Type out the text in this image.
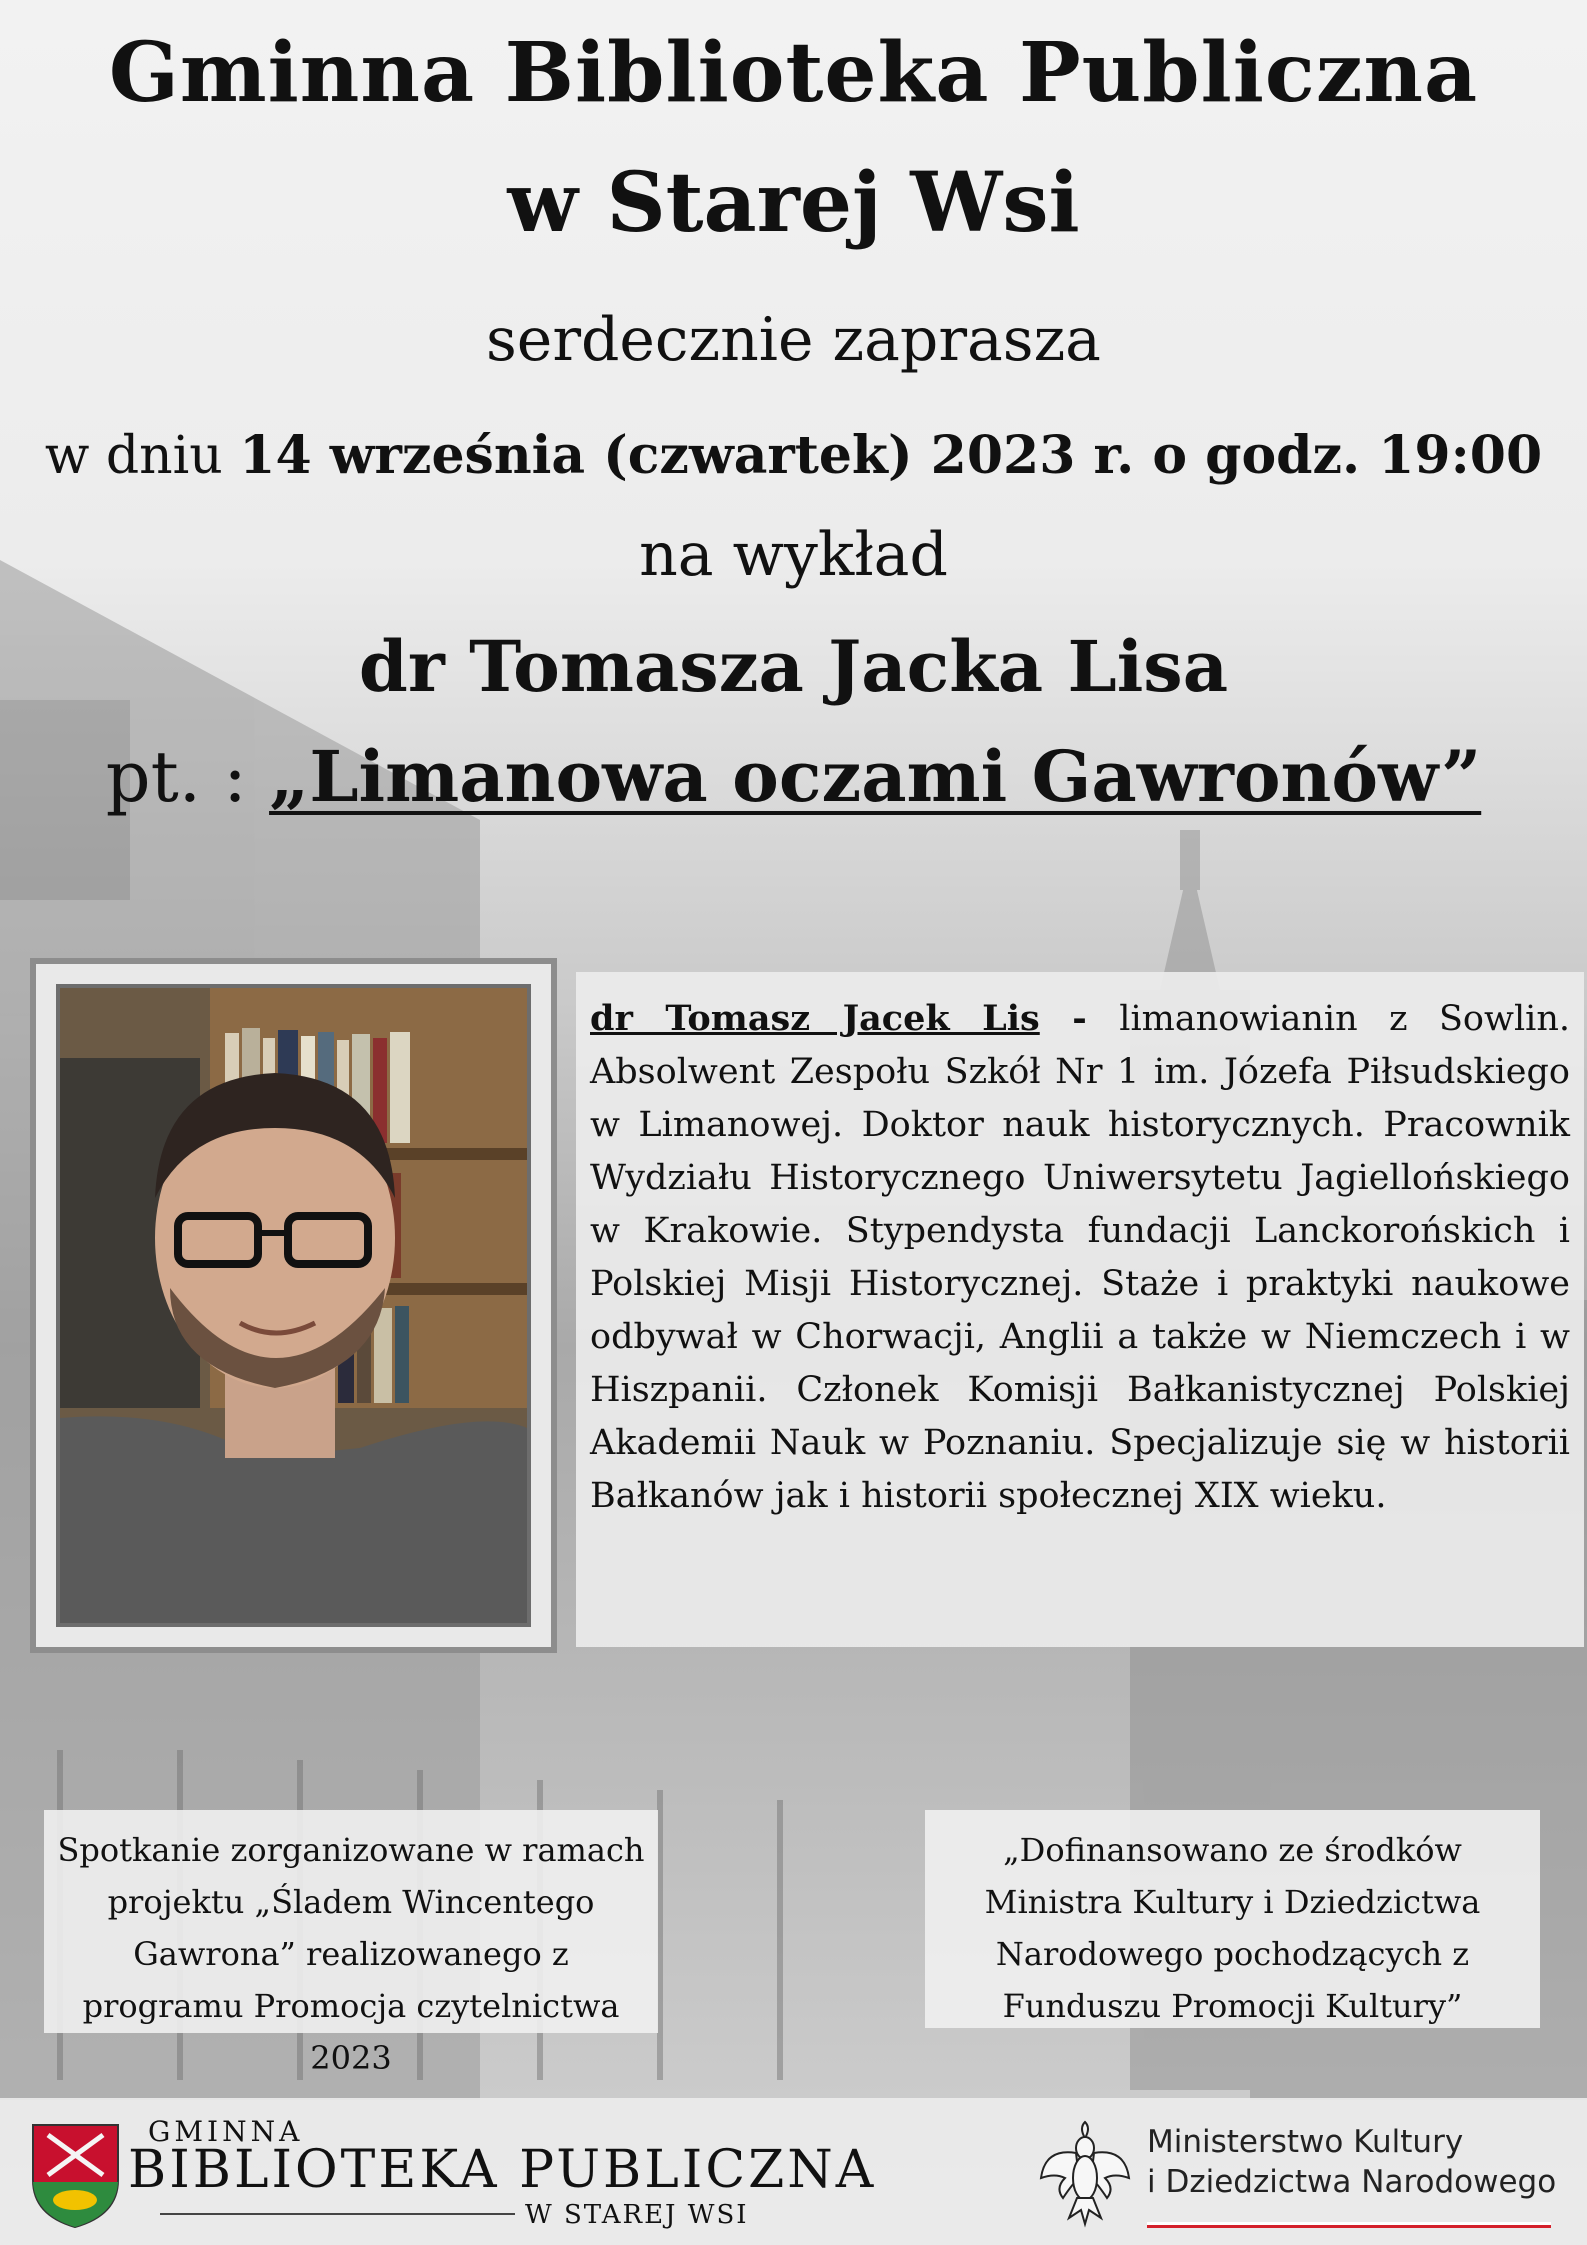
Gminna Biblioteka Publiczna
w Starej Wsi
serdecznie zaprasza
w dniu 14 września (czwartek) 2023 r. o godz. 19:00
na wykład
dr Tomasza Jacka Lisa
pt. : „Limanowa oczami Gawronów”

dr Tomasz Jacek Lis - limanowianin z Sowlin. Absolwent Zespołu Szkół Nr 1 im. Józefa Piłsudskiego w Limanowej. Doktor nauk historycznych. Pracownik Wydziału Historycznego Uniwersytetu Jagiellońskiego w Krakowie. Stypendysta fundacji Lanckorońskich i Polskiej Misji Historycznej. Staże i praktyki naukowe odbywał w Chorwacji, Anglii a także w Niemczech i w Hiszpanii. Członek Komisji Bałkanistycznej Polskiej Akademii Nauk w Poznaniu. Specjalizuje się w historii Bałkanów jak i historii społecznej XIX wieku.

Spotkanie zorganizowane w ramach projektu „Śladem Wincentego Gawrona” realizowanego z programu Promocja czytelnictwa 2023
„Dofinansowano ze środków Ministra Kultury i Dziedzictwa Narodowego pochodzących z Funduszu Promocji Kultury”
GMINNA
BIBLIOTEKA PUBLICZNA
W STAREJ WSI
Ministerstwo Kultury
i Dziedzictwa Narodowego
